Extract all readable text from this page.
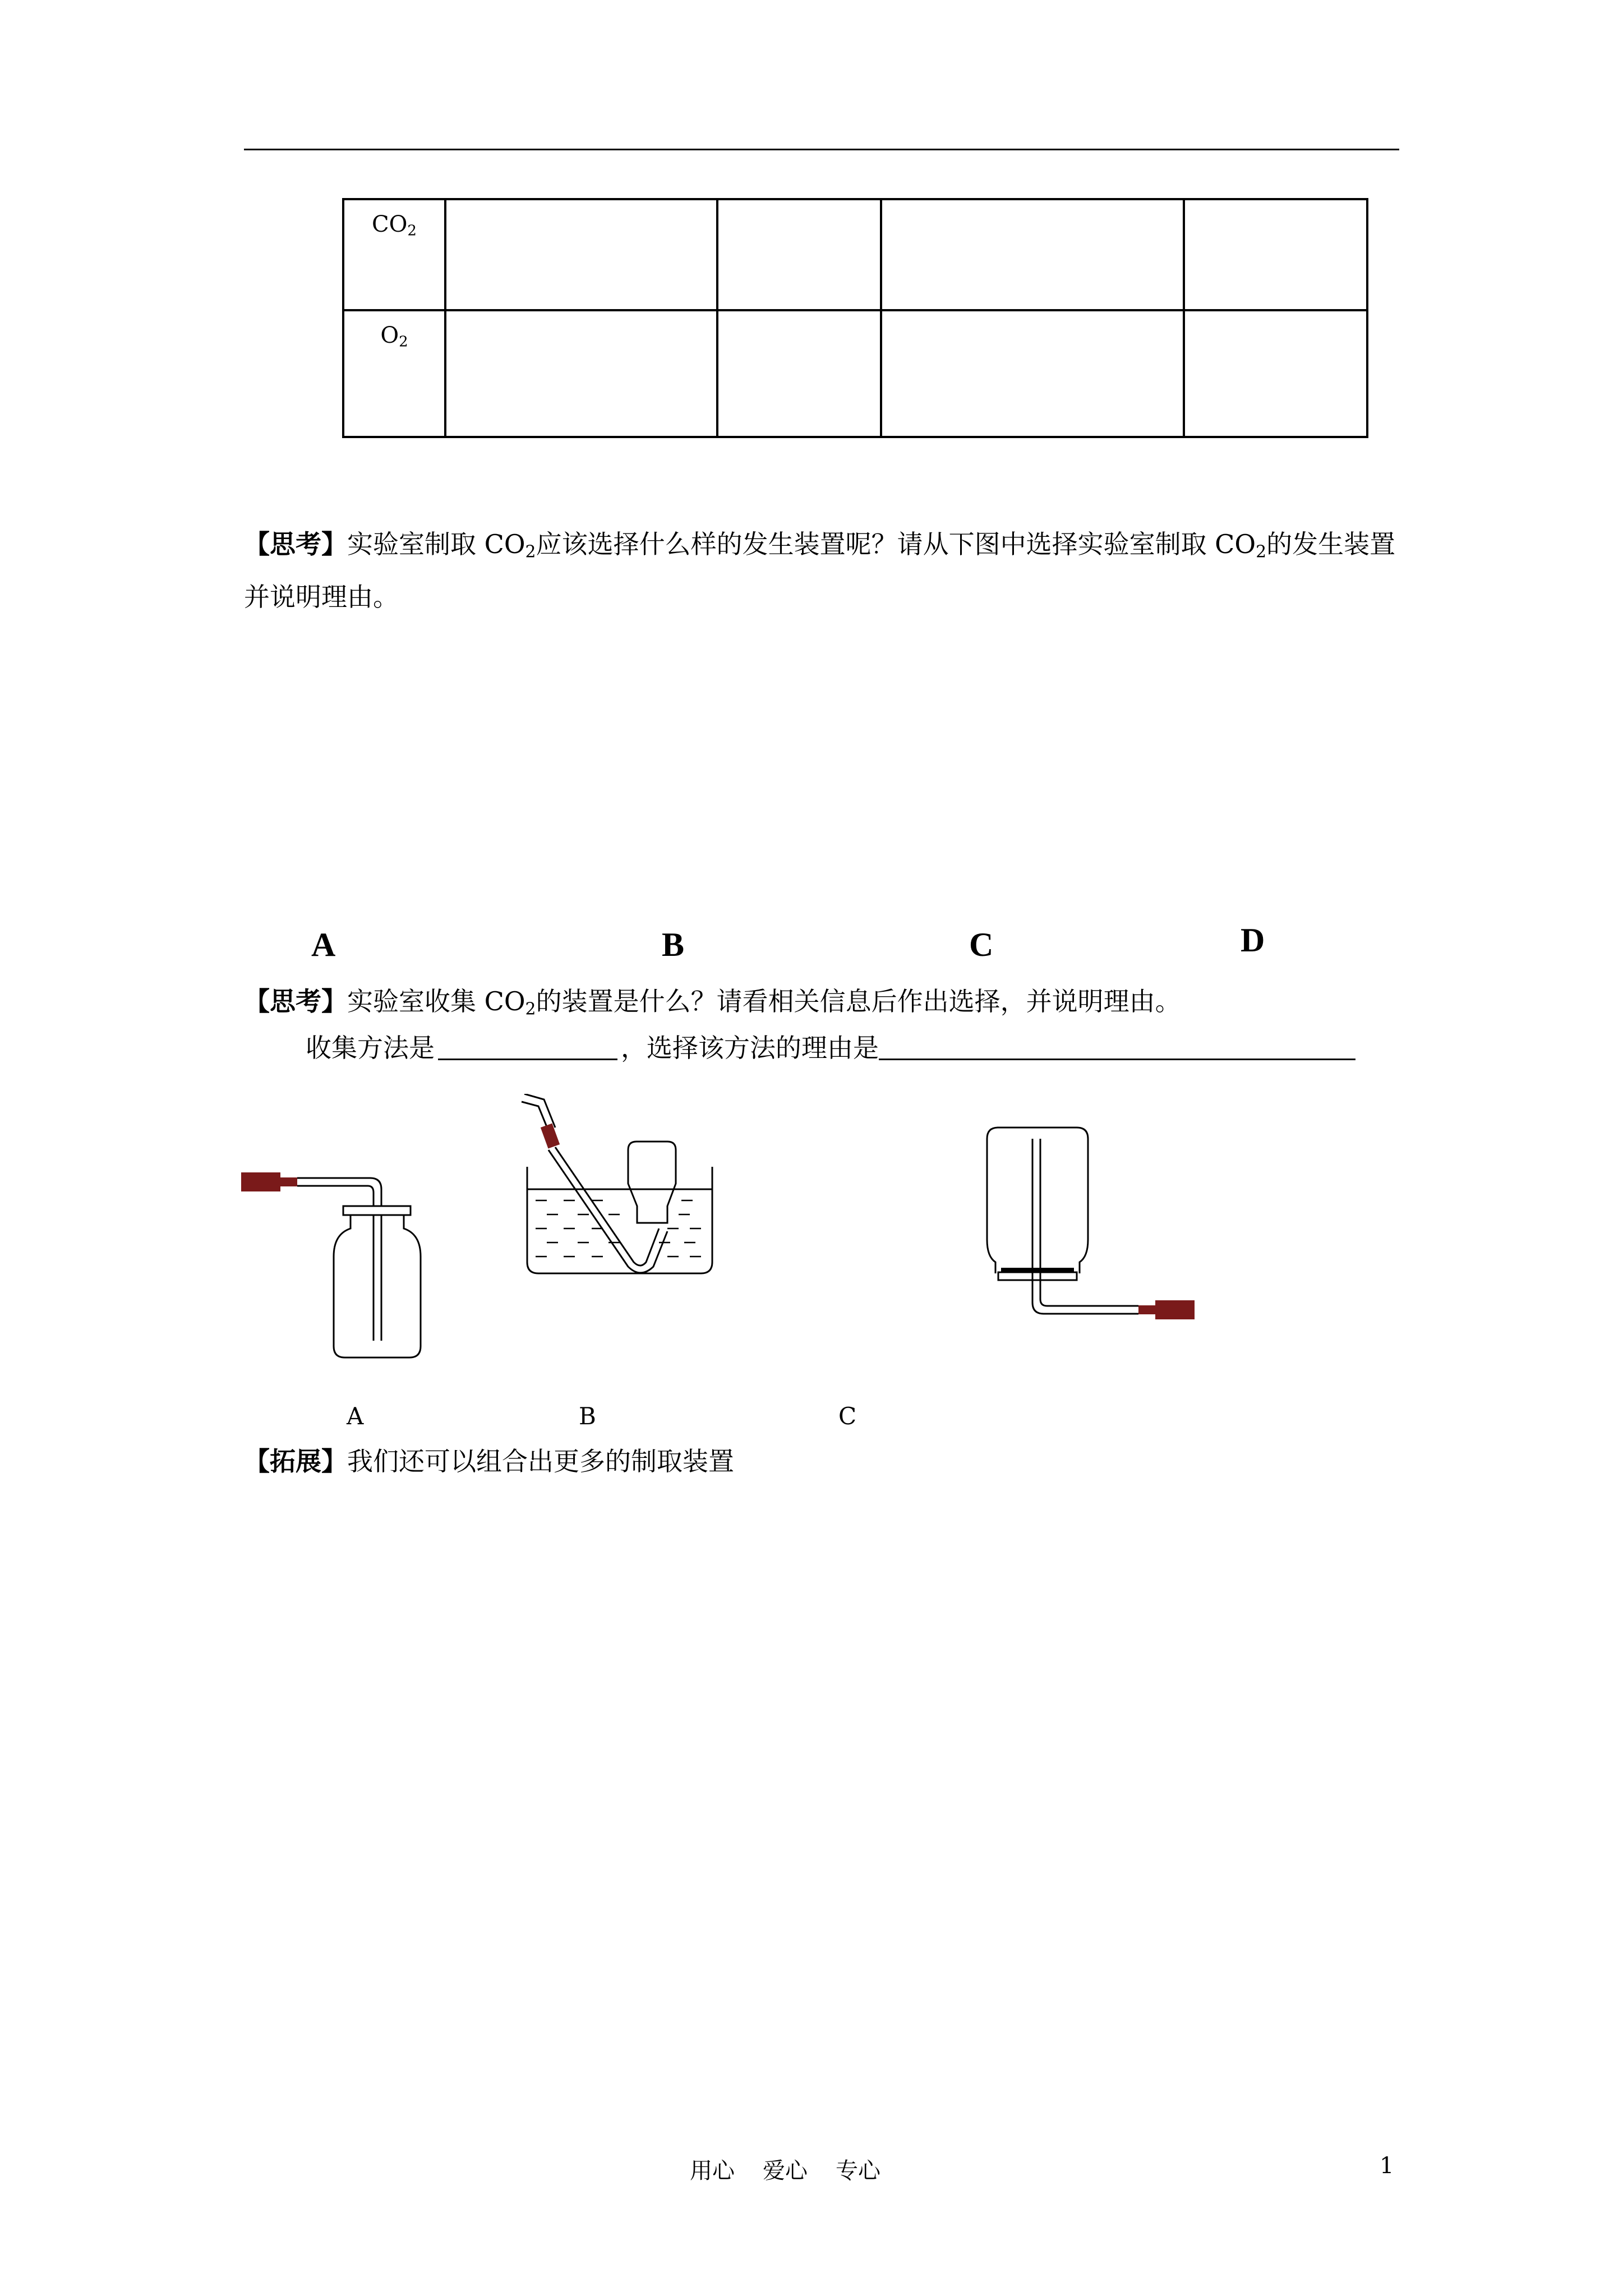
$CO_2$				
$O_2$				
【思考】实验室制取 $CO_2$应该选择什么样的发生装置呢？请从下图中选择实验室制取 $CO_2$的发生装置并说明理由。
A	B	C	D
【思考】实验室收集 $CO_2$的装置是什么？请看相关信息后作出选择，并说明理由。
收集方法是	，选择该方法的理由是
A	B	C
【拓展】我们还可以组合出更多的制取装置
用心 爱心 专心	1
